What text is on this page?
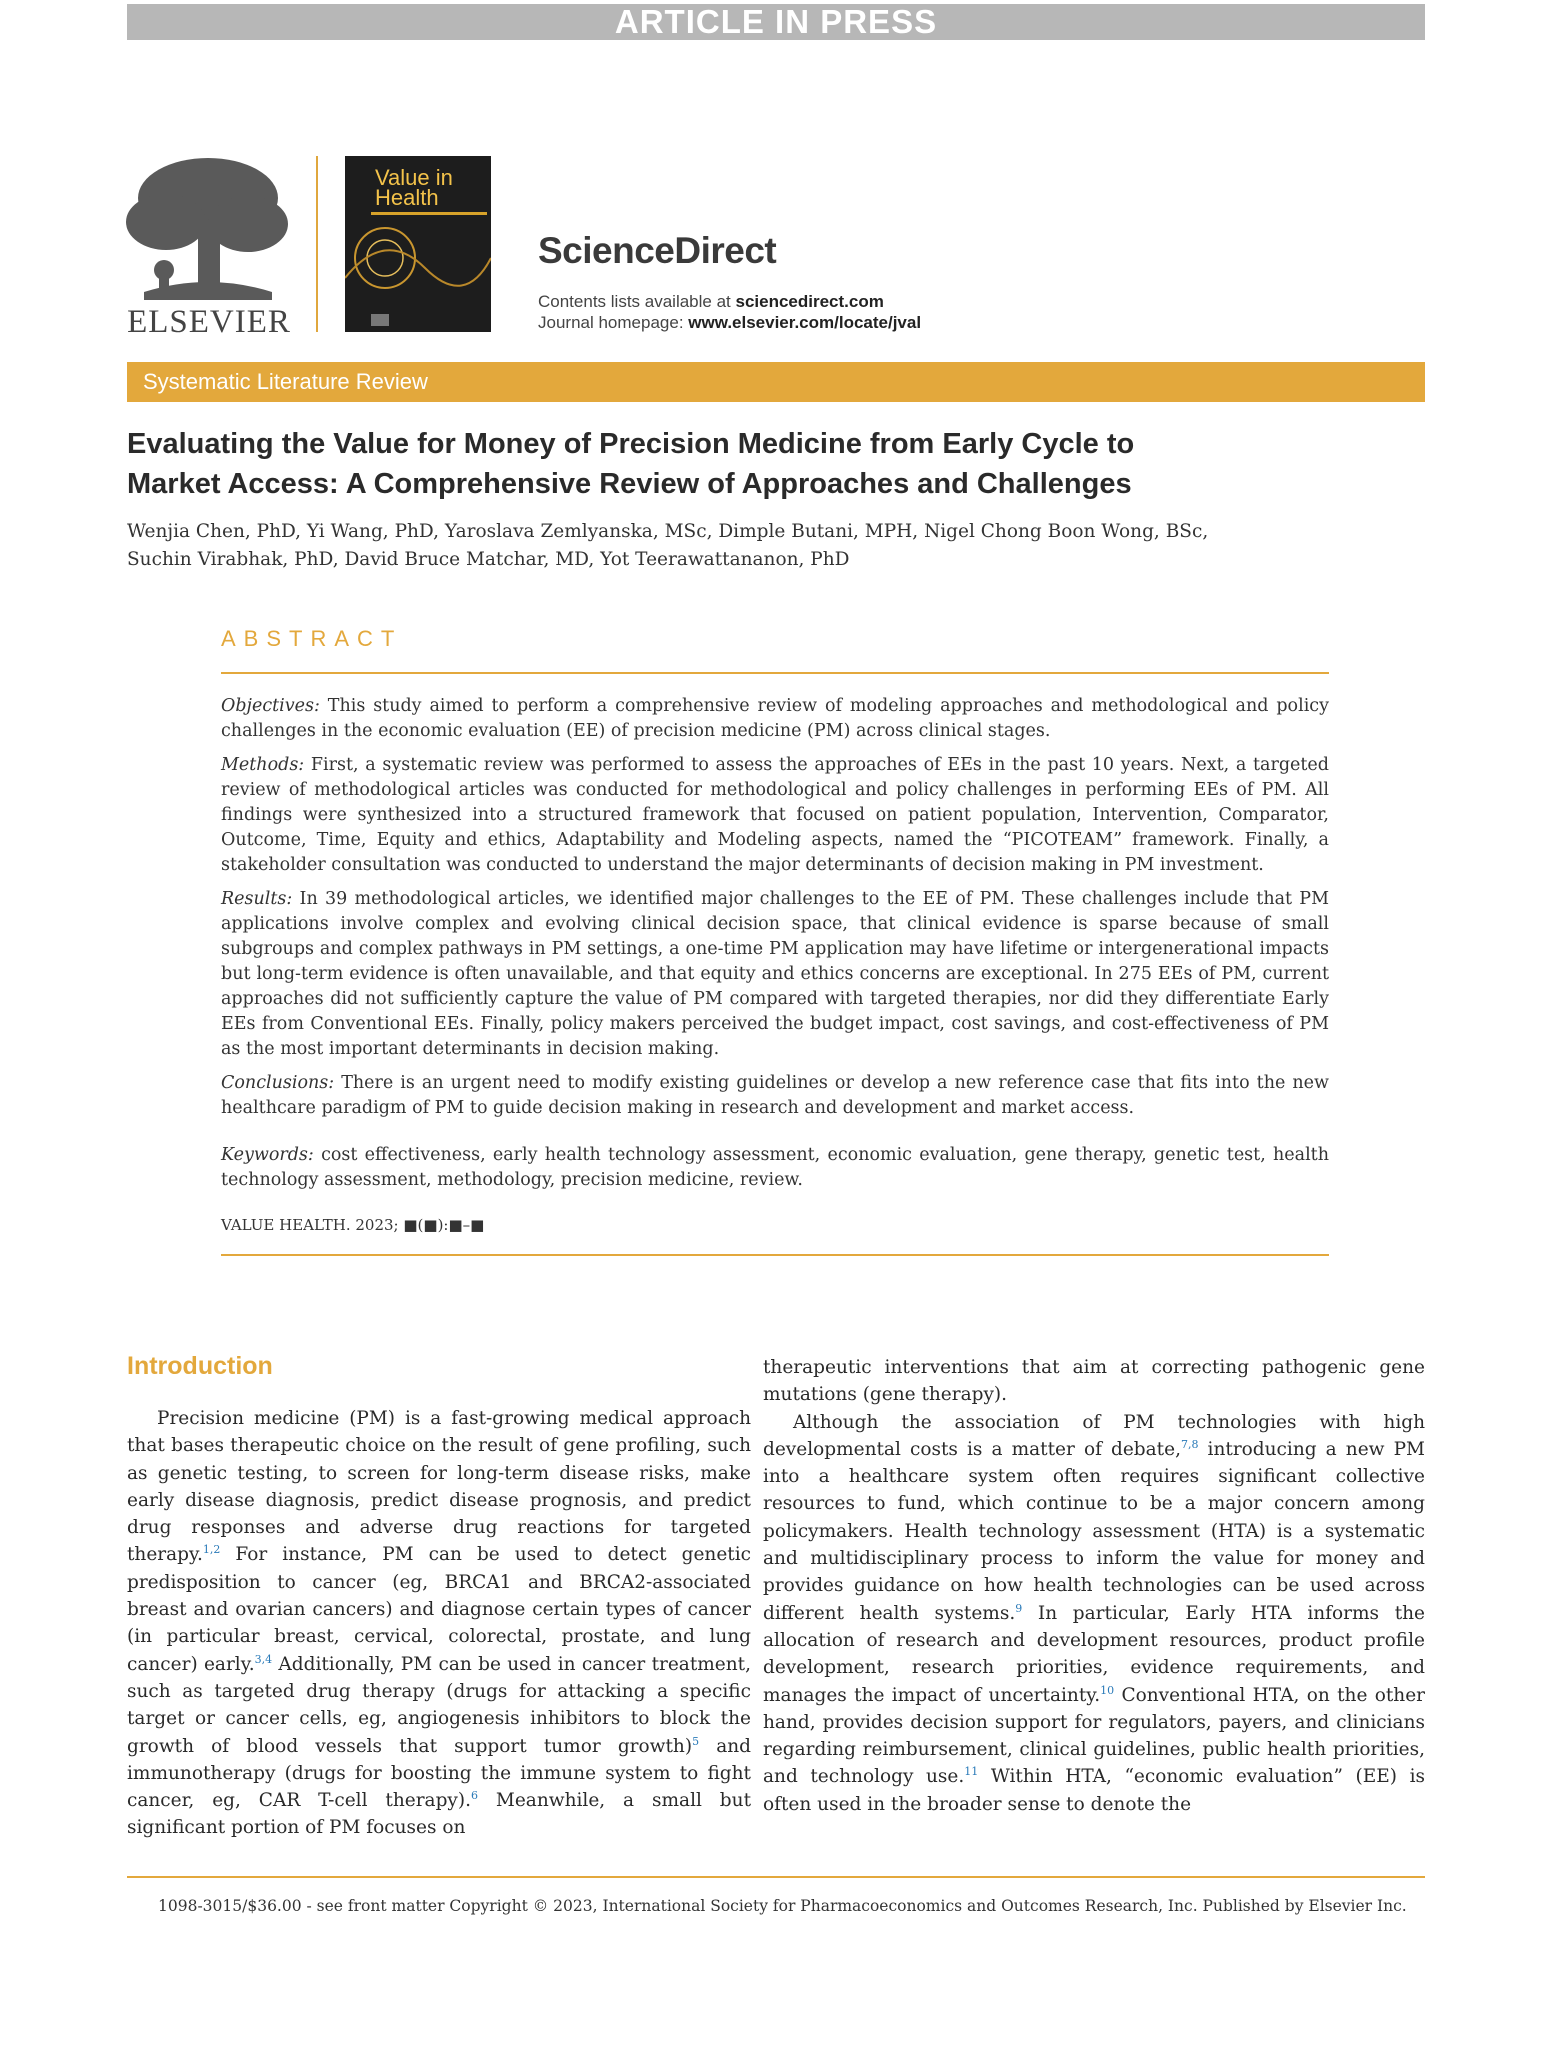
ARTICLE IN PRESS
ELSEVIER
Value in
Health
ScienceDirect
Contents lists available at sciencedirect.com
Journal homepage: www.elsevier.com/locate/jval
Systematic Literature Review
Evaluating the Value for Money of Precision Medicine from Early Cycle to
Market Access: A Comprehensive Review of Approaches and Challenges
Wenjia Chen, PhD, Yi Wang, PhD, Yaroslava Zemlyanska, MSc, Dimple Butani, MPH, Nigel Chong Boon Wong, BSc,
Suchin Virabhak, PhD, David Bruce Matchar, MD, Yot Teerawattananon, PhD
ABSTRACT

Objectives: This study aimed to perform a comprehensive review of modeling approaches and methodological and policy challenges in the economic evaluation (EE) of precision medicine (PM) across clinical stages.

Methods: First, a systematic review was performed to assess the approaches of EEs in the past 10 years. Next, a targeted review of methodological articles was conducted for methodological and policy challenges in performing EEs of PM. All findings were synthesized into a structured framework that focused on patient population, Intervention, Comparator, Outcome, Time, Equity and ethics, Adaptability and Modeling aspects, named the “PICOTEAM” framework. Finally, a stakeholder consultation was conducted to understand the major determinants of decision making in PM investment.

Results: In 39 methodological articles, we identified major challenges to the EE of PM. These challenges include that PM applications involve complex and evolving clinical decision space, that clinical evidence is sparse because of small subgroups and complex pathways in PM settings, a one-time PM application may have lifetime or intergenerational impacts but long-term evidence is often unavailable, and that equity and ethics concerns are exceptional. In 275 EEs of PM, current approaches did not sufficiently capture the value of PM compared with targeted therapies, nor did they differentiate Early EEs from Conventional EEs. Finally, policy makers perceived the budget impact, cost savings, and cost-effectiveness of PM as the most important determinants in decision making.

Conclusions: There is an urgent need to modify existing guidelines or develop a new reference case that fits into the new healthcare paradigm of PM to guide decision making in research and development and market access.

Keywords: cost effectiveness, early health technology assessment, economic evaluation, gene therapy, genetic test, health technology assessment, methodology, precision medicine, review.

VALUE HEALTH. 2023; ■(■):■–■
Introduction

Precision medicine (PM) is a fast-growing medical approach that bases therapeutic choice on the result of gene profiling, such as genetic testing, to screen for long-term disease risks, make early disease diagnosis, predict disease prognosis, and predict drug responses and adverse drug reactions for targeted therapy.$^{1,2}$ For instance, PM can be used to detect genetic predisposition to cancer (eg, BRCA1 and BRCA2-associated breast and ovarian cancers) and diagnose certain types of cancer (in particular breast, cervical, colorectal, prostate, and lung cancer) early.$^{3,4}$ Additionally, PM can be used in cancer treatment, such as targeted drug therapy (drugs for attacking a specific target or cancer cells, eg, angiogenesis inhibitors to block the growth of blood vessels that support tumor growth)$^5$ and immunotherapy (drugs for boosting the immune system to fight cancer, eg, CAR T-cell therapy).$^6$ Meanwhile, a small but significant portion of PM focuses on

therapeutic interventions that aim at correcting pathogenic gene mutations (gene therapy).

Although the association of PM technologies with high developmental costs is a matter of debate,$^{7,8}$ introducing a new PM into a healthcare system often requires significant collective resources to fund, which continue to be a major concern among policymakers. Health technology assessment (HTA) is a systematic and multidisciplinary process to inform the value for money and provides guidance on how health technologies can be used across different health systems.$^9$ In particular, Early HTA informs the allocation of research and development resources, product profile development, research priorities, evidence requirements, and manages the impact of uncertainty.$^{10}$ Conventional HTA, on the other hand, provides decision support for regulators, payers, and clinicians regarding reimbursement, clinical guidelines, public health priorities, and technology use.$^{11}$ Within HTA, “economic evaluation” (EE) is often used in the broader sense to denote the

1098-3015/$36.00 - see front matter Copyright © 2023, International Society for Pharmacoeconomics and Outcomes Research, Inc. Published by Elsevier Inc.
